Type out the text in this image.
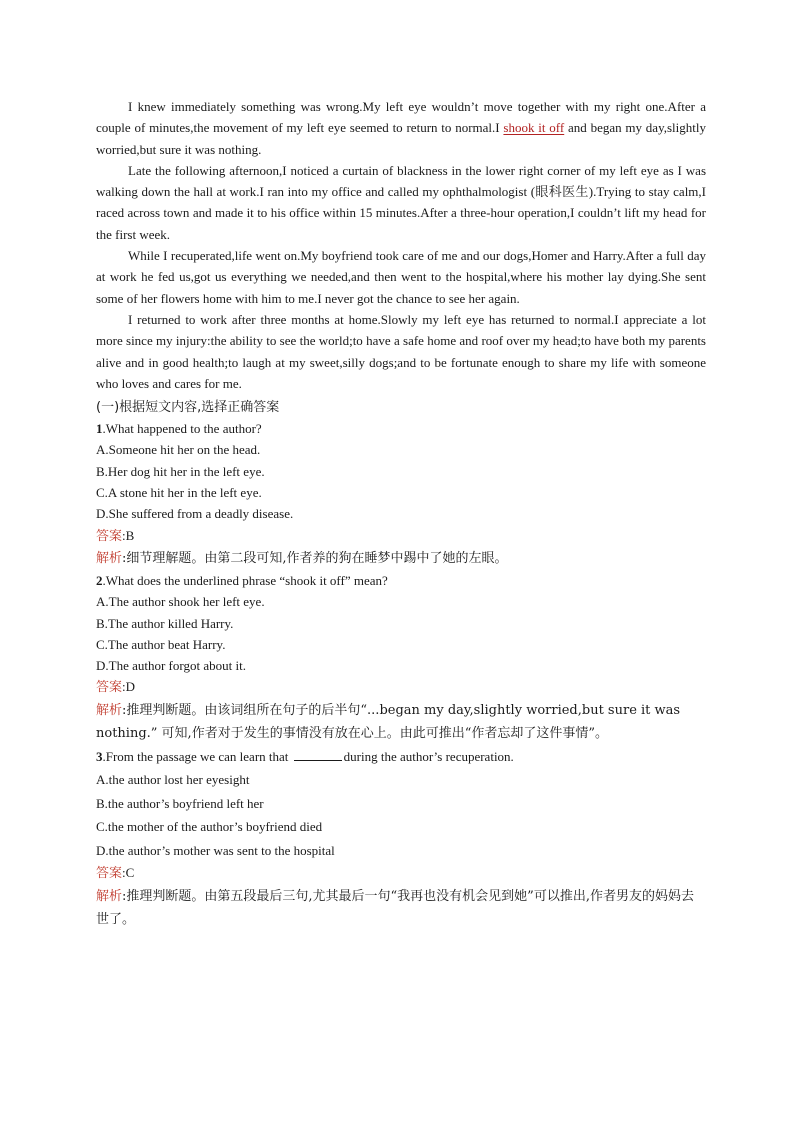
I knew immediately something was wrong.My left eye wouldn’t move together with my right one.After a couple of minutes,the movement of my left eye seemed to return to normal.I shook it off and began my day,slightly worried,but sure it was nothing.

Late the following afternoon,I noticed a curtain of blackness in the lower right corner of my left eye as I was walking down the hall at work.I ran into my office and called my ophthalmologist (眼科医生).Trying to stay calm,I raced across town and made it to his office within 15 minutes.After a three-hour operation,I couldn’t lift my head for the first week.

While I recuperated,life went on.My boyfriend took care of me and our dogs,Homer and Harry.After a full day at work he fed us,got us everything we needed,and then went to the hospital,where his mother lay dying.She sent some of her flowers home with him to me.I never got the chance to see her again.

I returned to work after three months at home.Slowly my left eye has returned to normal.I appreciate a lot more since my injury:the ability to see the world;to have a safe home and roof over my head;to have both my parents alive and in good health;to laugh at my sweet,silly dogs;and to be fortunate enough to share my life with someone who loves and cares for me.

(一)根据短文内容,选择正确答案

1.What happened to the author?

A.Someone hit her on the head.

B.Her dog hit her in the left eye.

C.A stone hit her in the left eye.

D.She suffered from a deadly disease.

答案:B

解析:细节理解题。由第二段可知,作者养的狗在睡梦中踢中了她的左眼。

2.What does the underlined phrase “shook it off” mean?

A.The author shook her left eye.

B.The author killed Harry.

C.The author beat Harry.

D.The author forgot about it.

答案:D

解析:推理判断题。由该词组所在句子的后半句“...began my day,slightly worried,but sure it was nothing.” 可知,作者对于发生的事情没有放在心上。由此可推出“作者忘却了这件事情”。

3.From the passage we can learn that	during the author’s recuperation.

A.the author lost her eyesight

B.the author’s boyfriend left her

C.the mother of the author’s boyfriend died

D.the author’s mother was sent to the hospital

答案:C

解析:推理判断题。由第五段最后三句,尤其最后一句“我再也没有机会见到她”可以推出,作者男友的妈妈去世了。
